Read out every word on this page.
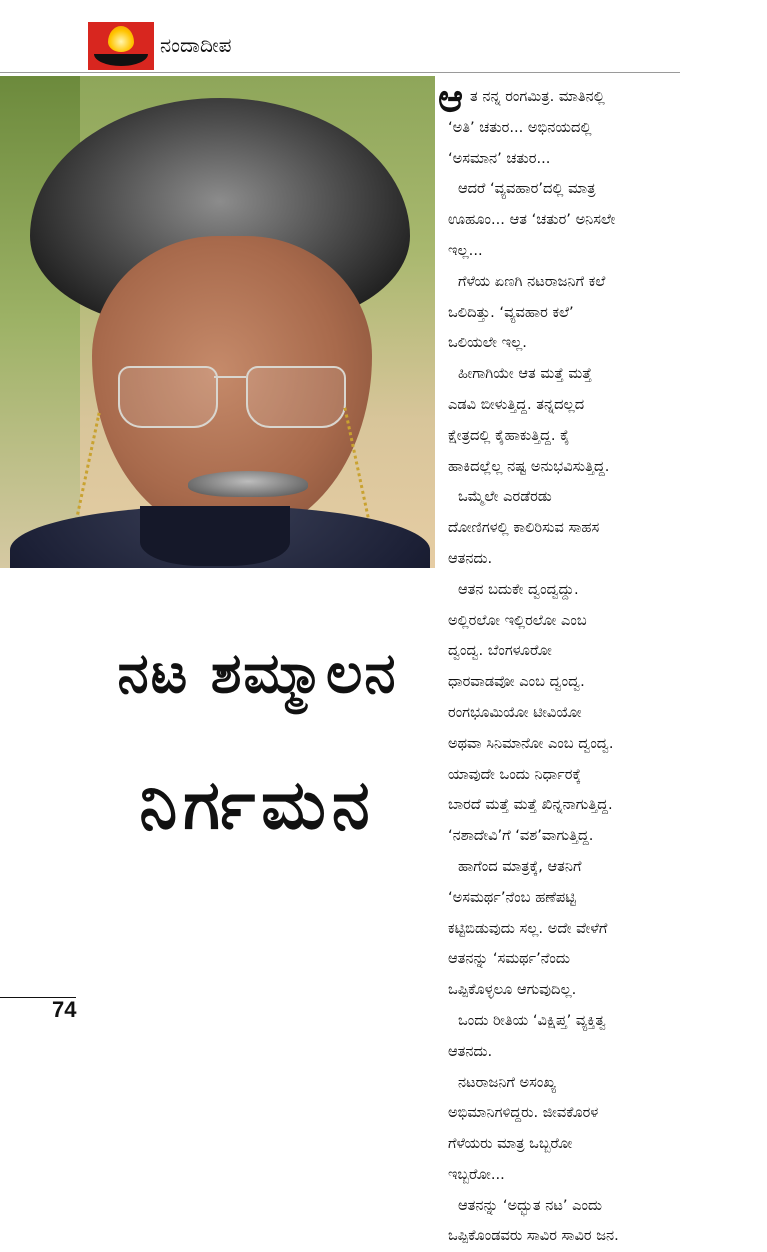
ನಂದಾದೀಪ
ನಟ ಶಮ್ಮಾಲನ
ನಿರ್ಗಮನ
ಆ ತ ನನ್ನ ರಂಗಮಿತ್ರ. ಮಾತಿನಲ್ಲಿ
‘ಅತಿ’ ಚತುರ... ಅಭಿನಯದಲ್ಲಿ
‘ಅಸಮಾನ’ ಚತುರ...
ಆದರೆ ‘ವ್ಯವಹಾರ’ದಲ್ಲಿ ಮಾತ್ರ
ಊಹೂಂ... ಆತ ‘ಚತುರ’ ಅನಿಸಲೇ
ಇಲ್ಲ...
ಗೆಳೆಯ ಏಣಗಿ ನಟರಾಜನಿಗೆ ಕಲೆ
ಒಲಿದಿತ್ತು. ‘ವ್ಯವಹಾರ ಕಲೆ’
ಒಲಿಯಲೇ ಇಲ್ಲ.
ಹೀಗಾಗಿಯೇ ಆತ ಮತ್ತೆ ಮತ್ತೆ
ಎಡವಿ ಬೀಳುತ್ತಿದ್ದ. ತನ್ನದಲ್ಲದ
ಕ್ಷೇತ್ರದಲ್ಲಿ ಕೈಹಾಕುತ್ತಿದ್ದ. ಕೈ
ಹಾಕಿದಲ್ಲೆಲ್ಲ ನಷ್ಟ ಅನುಭವಿಸುತ್ತಿದ್ದ.
ಒಮ್ಮೆಲೇ ಎರಡೆರಡು
ದೋಣಿಗಳಲ್ಲಿ ಕಾಲಿರಿಸುವ ಸಾಹಸ
ಆತನದು.
ಆತನ ಬದುಕೇ ದ್ವಂದ್ವದ್ದು.
ಅಲ್ಲಿರಲೋ ಇಲ್ಲಿರಲೋ ಎಂಬ
ದ್ವಂದ್ವ. ಬೆಂಗಳೂರೋ
ಧಾರವಾಡವೋ ಎಂಬ ದ್ವಂದ್ವ.
ರಂಗಭೂಮಿಯೋ ಟೀವಿಯೋ
ಅಥವಾ ಸಿನಿಮಾನೋ ಎಂಬ ದ್ವಂದ್ವ.
ಯಾವುದೇ ಒಂದು ನಿರ್ಧಾರಕ್ಕೆ
ಬಾರದೆ ಮತ್ತೆ ಮತ್ತೆ ಖಿನ್ನನಾಗುತ್ತಿದ್ದ.
‘ನಶಾದೇವಿ’ಗೆ ‘ವಶ’ವಾಗುತ್ತಿದ್ದ.
ಹಾಗೆಂದ ಮಾತ್ರಕ್ಕೆ, ಆತನಿಗೆ
‘ಅಸಮರ್ಥ’ನೆಂಬ ಹಣೆಪಟ್ಟಿ
ಕಟ್ಟಿಬಿಡುವುದು ಸಲ್ಲ. ಅದೇ ವೇಳೆಗೆ
ಆತನನ್ನು ‘ಸಮರ್ಥ’ನೆಂದು
ಒಪ್ಪಿಕೊಳ್ಳಲೂ ಆಗುವುದಿಲ್ಲ.
ಒಂದು ರೀತಿಯ ‘ವಿಕ್ಷಿಪ್ತ’ ವ್ಯಕ್ತಿತ್ವ
ಆತನದು.
ನಟರಾಜನಿಗೆ ಅಸಂಖ್ಯ
ಅಭಿಮಾನಿಗಳಿದ್ದರು. ಜೀವಕೊರಳ
ಗೆಳೆಯರು ಮಾತ್ರ ಒಬ್ಬರೋ
ಇಬ್ಬರೋ...
ಆತನನ್ನು ‘ಅದ್ಭುತ ನಟ’ ಎಂದು
ಒಪ್ಪಿಕೊಂಡವರು ಸಾವಿರ ಸಾವಿರ ಜನ.
74
